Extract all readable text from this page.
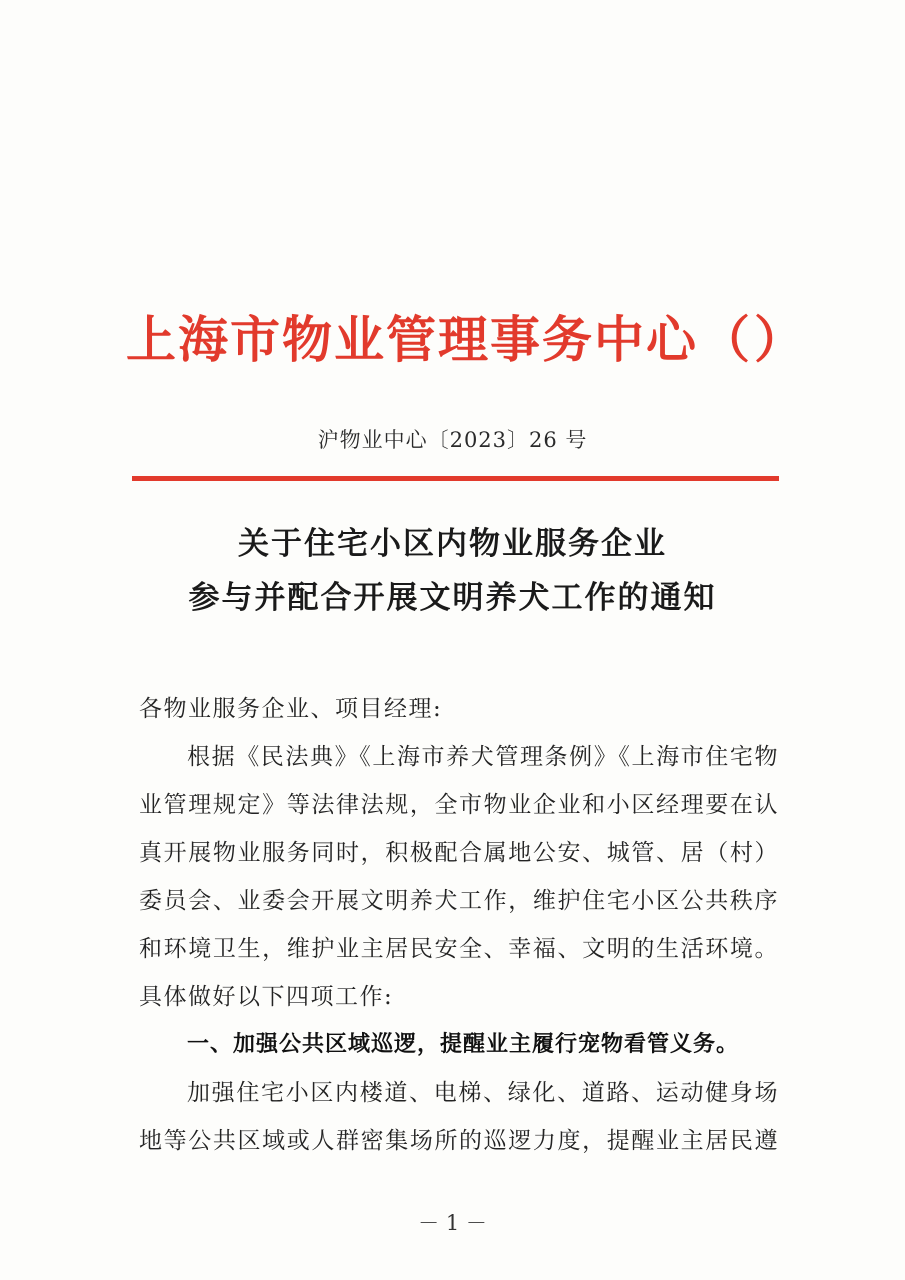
上海市物业管理事务中心 （ ）
沪物业中心〔2023〕26 号
关于住宅小区内物业服务企业
参与并配合开展文明养犬工作的通知
各物业服务企业、项目经理:
根据《民法典》《上海市养犬管理条例》《上海市住宅物
业管理规定》等法律法规，全市物业企业和小区经理要在认
真开展物业服务同时，积极配合属地公安、城管、居（村）
委员会、业委会开展文明养犬工作，维护住宅小区公共秩序
和环境卫生，维护业主居民安全、幸福、文明的生活环境。
具体做好以下四项工作:
一、加强公共区域巡逻，提醒业主履行宠物看管义务。
加强住宅小区内楼道、电梯、绿化、道路、运动健身场
地等公共区域或人群密集场所的巡逻力度，提醒业主居民遵
－ 1 －
